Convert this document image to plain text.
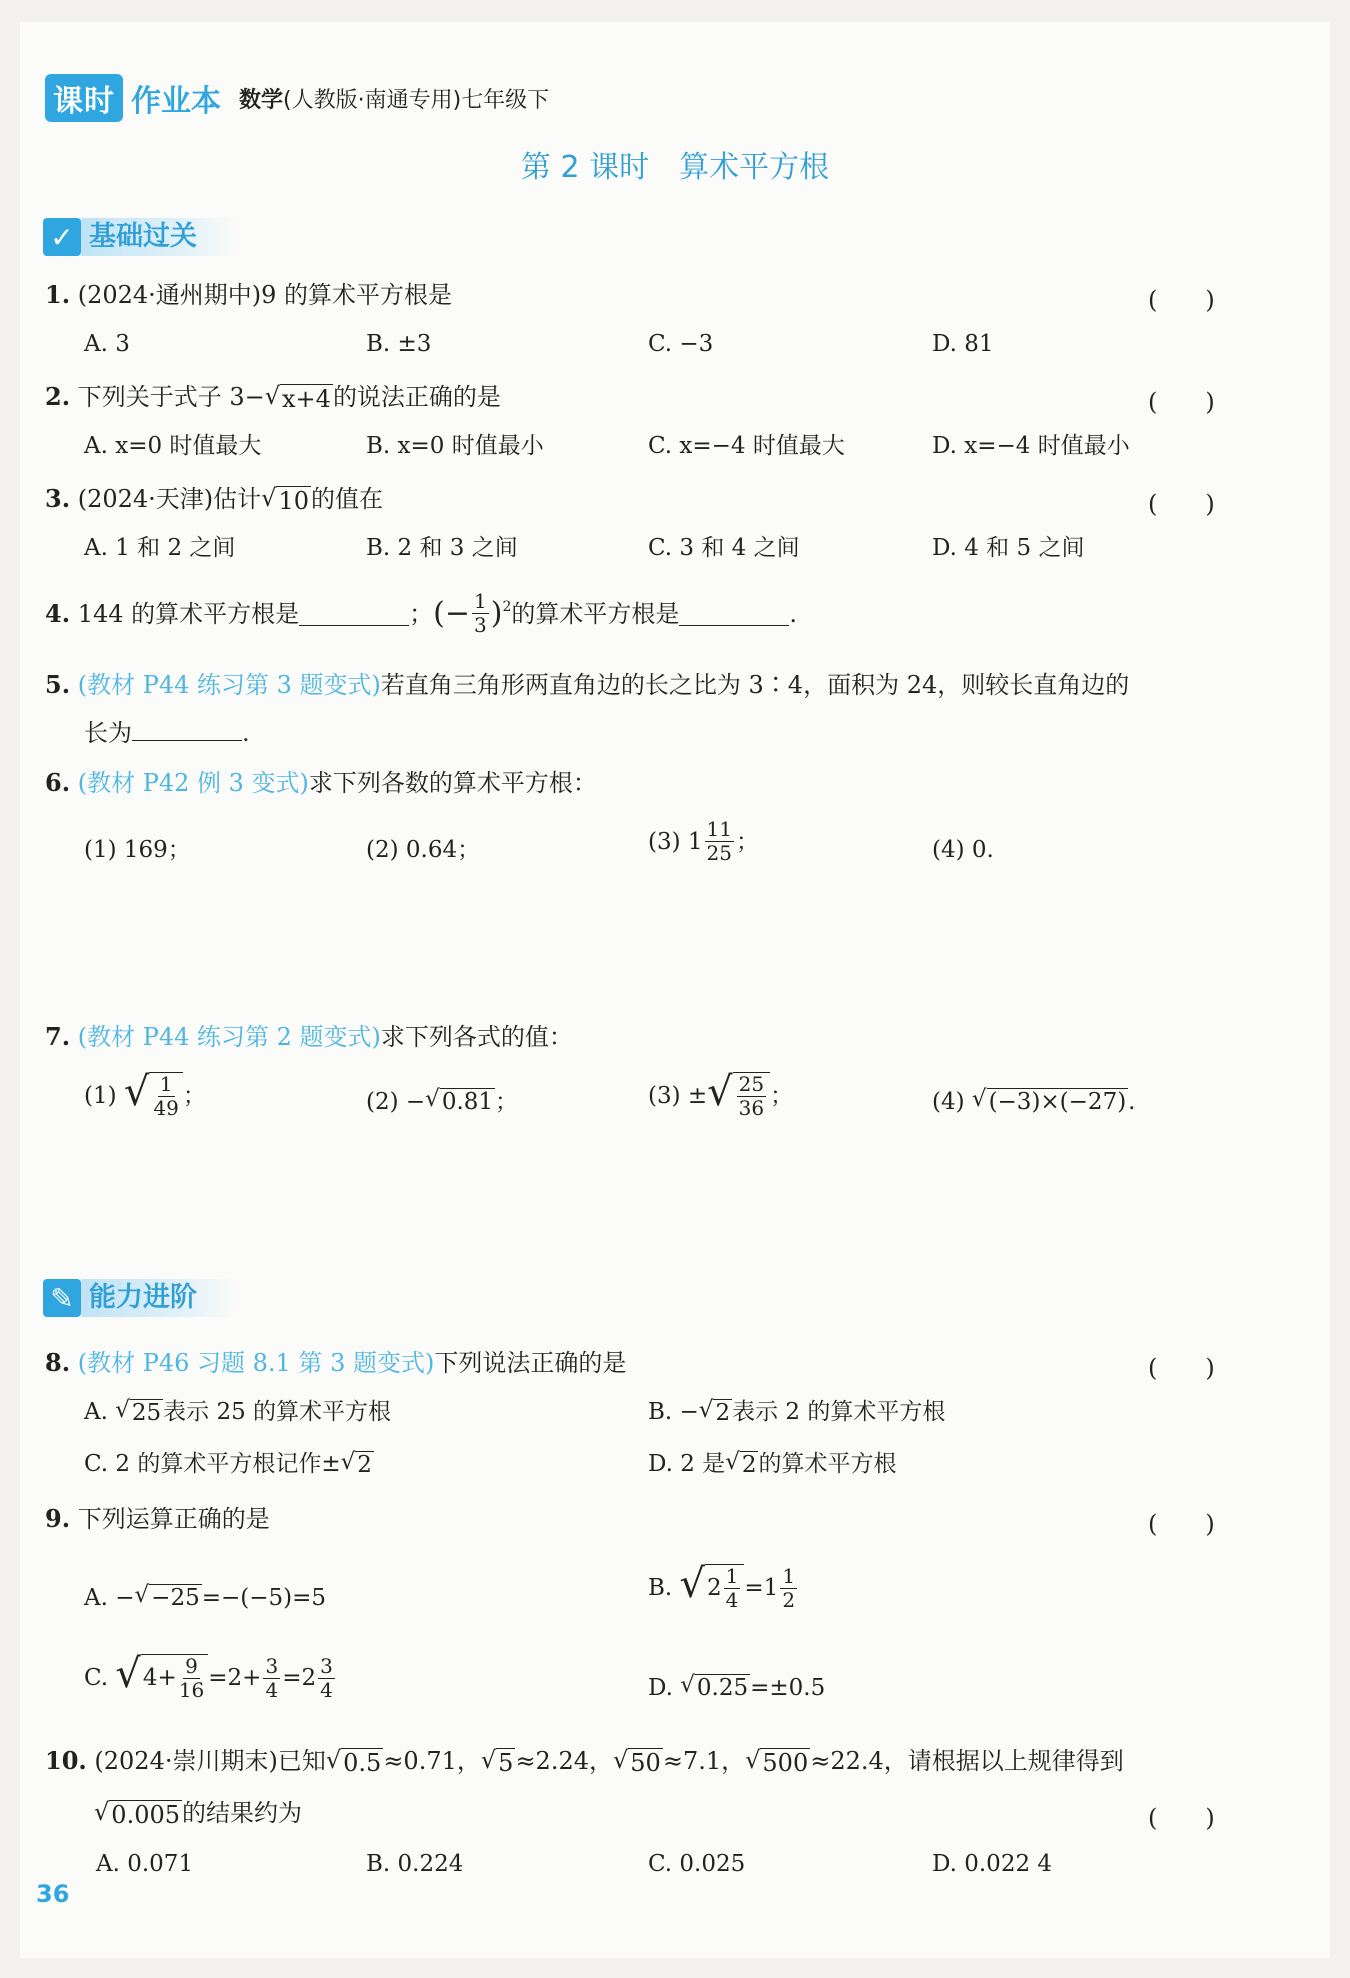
课时 作业本 数学(人教版·南通专用)七年级下
第 2 课时　算术平方根
✓ 基础过关
1. (2024·通州期中)9 的算术平方根是	(　　)
A. 3	B. ±3	C. −3	D. 81
2. 下列关于式子 3− √ x+4 的说法正确的是	(　　)
A. x=0 时值最大	B. x=0 时值最小	C. x=−4 时值最大	D. x=−4 时值最小
3. (2024·天津)估计 √ 10 的值在	(　　)
A. 1 和 2 之间	B. 2 和 3 之间	C. 3 和 4 之间	D. 4 和 5 之间
4.
144 的算术平方根是	； (− $\frac{1}{3} )^2$ 的算术平方根是	.
5. (教材 P44 练习第 3 题变式)若直角三角形两直角边的长之比为 3∶4，面积为 24，则较长直角边的
长为	.
6. (教材 P42 例 3 变式)求下列各数的算术平方根：
(1) 169；	(2) 0.64；	(3) $1 \frac{11}{25}$ ；	(4) 0.
7. (教材 P44 练习第 2 题变式)求下列各式的值：
(1)
√ $\frac{1}{49}$ ；	(2) − √ 0.81 ；	(3) ± √ $\frac{25}{36}$ ；	(4)
√ (−3)×(−27) .
✎ 能力进阶
8. (教材 P46 习题 8.1 第 3 题变式)下列说法正确的是	(　　)
A. √ 25 表示 25 的算术平方根	B. − √ 2 表示 2 的算术平方根
C. 2 的算术平方根记作± √ 2	D. 2 是 √ 2 的算术平方根
9. 下列运算正确的是	(　　)
A. − √ −25 =−(−5)=5	B.
√ $2 \frac{1}{4} =1 \frac{1}{2}$
C.
√ $4+ \frac{9}{16} =2+ \frac{3}{4} =2 \frac{3}{4}$	D.
√ 0.25 =±0.5
10. (2024·崇川期末)已知 √ 0.5 ≈0.71， √ 5 ≈2.24， √ 50 ≈7.1， √ 500 ≈22.4，请根据以上规律得到
√ 0.005 的结果约为	(　　)
A. 0.071	B. 0.224	C. 0.025	D. 0.022 4
36
